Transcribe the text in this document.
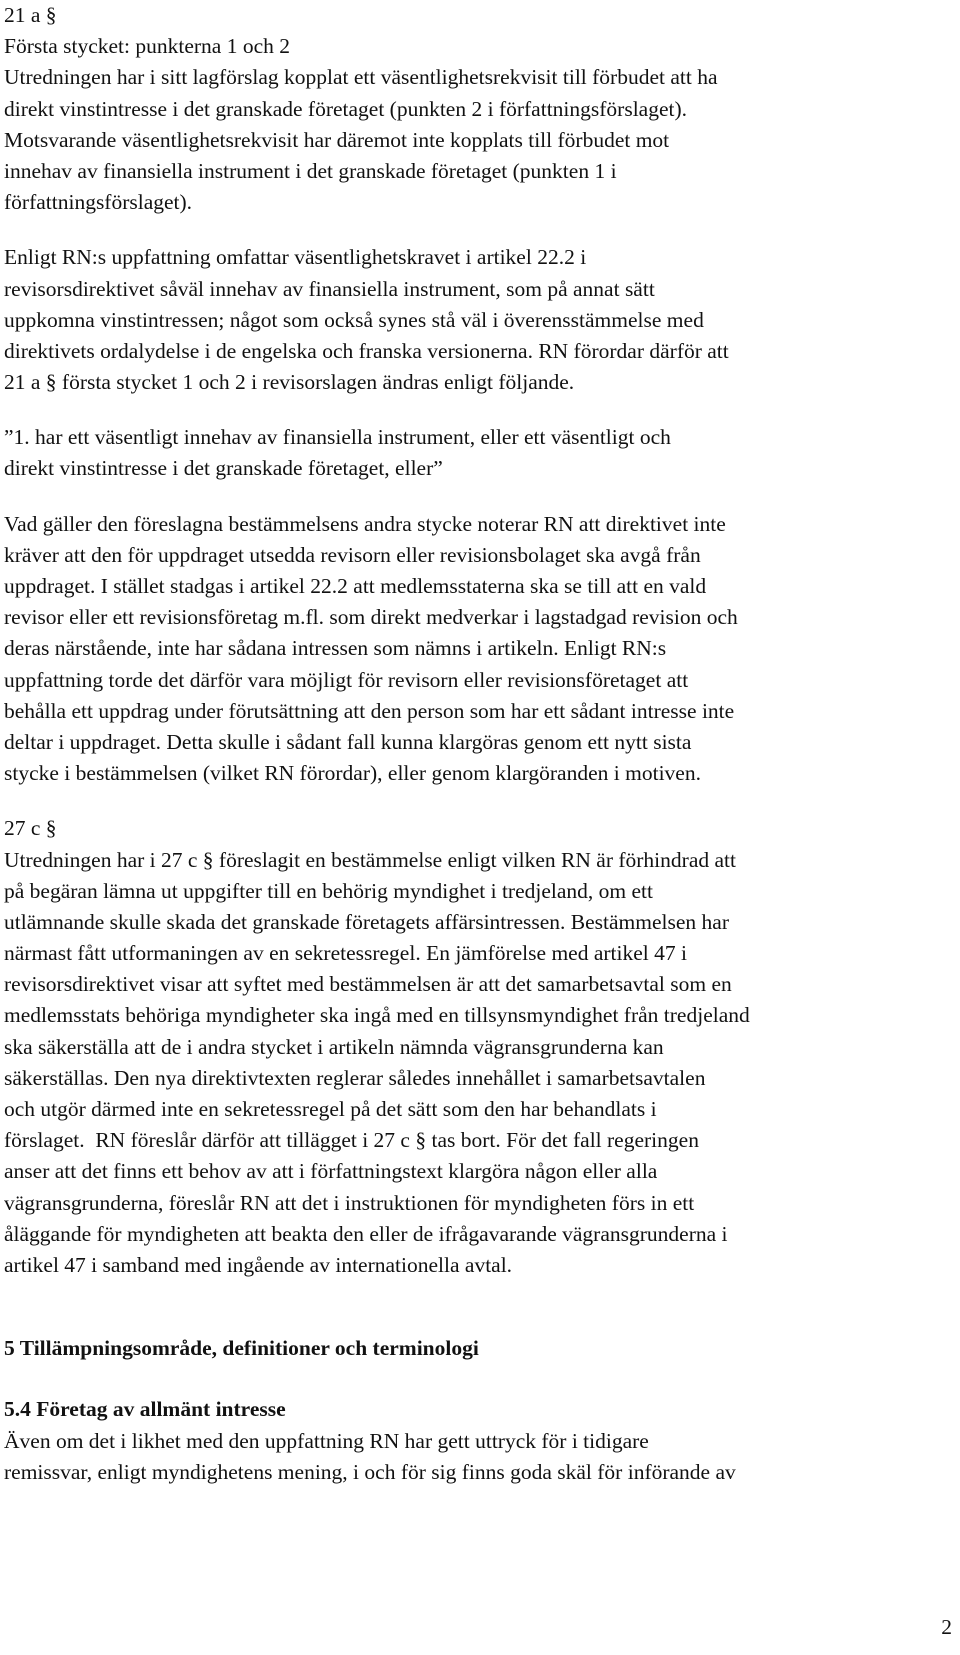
21 a §
Första stycket: punkterna 1 och 2
Utredningen har i sitt lagförslag kopplat ett väsentlighetsrekvisit till förbudet att ha
direkt vinstintresse i det granskade företaget (punkten 2 i författningsförslaget).
Motsvarande väsentlighetsrekvisit har däremot inte kopplats till förbudet mot
innehav av finansiella instrument i det granskade företaget (punkten 1 i
författningsförslaget).
Enligt RN:s uppfattning omfattar väsentlighetskravet i artikel 22.2 i
revisorsdirektivet såväl innehav av finansiella instrument, som på annat sätt
uppkomna vinstintressen; något som också synes stå väl i överensstämmelse med
direktivets ordalydelse i de engelska och franska versionerna. RN förordar därför att
21 a § första stycket 1 och 2 i revisorslagen ändras enligt följande.
”1. har ett väsentligt innehav av finansiella instrument, eller ett väsentligt och
direkt vinstintresse i det granskade företaget, eller”
Vad gäller den föreslagna bestämmelsens andra stycke noterar RN att direktivet inte
kräver att den för uppdraget utsedda revisorn eller revisionsbolaget ska avgå från
uppdraget. I stället stadgas i artikel 22.2 att medlemsstaterna ska se till att en vald
revisor eller ett revisionsföretag m.fl. som direkt medverkar i lagstadgad revision och
deras närstående, inte har sådana intressen som nämns i artikeln. Enligt RN:s
uppfattning torde det därför vara möjligt för revisorn eller revisionsföretaget att
behålla ett uppdrag under förutsättning att den person som har ett sådant intresse inte
deltar i uppdraget. Detta skulle i sådant fall kunna klargöras genom ett nytt sista
stycke i bestämmelsen (vilket RN förordar), eller genom klargöranden i motiven.
27 c §
Utredningen har i 27 c § föreslagit en bestämmelse enligt vilken RN är förhindrad att
på begäran lämna ut uppgifter till en behörig myndighet i tredjeland, om ett
utlämnande skulle skada det granskade företagets affärsintressen. Bestämmelsen har
närmast fått utformaningen av en sekretessregel. En jämförelse med artikel 47 i
revisorsdirektivet visar att syftet med bestämmelsen är att det samarbetsavtal som en
medlemsstats behöriga myndigheter ska ingå med en tillsynsmyndighet från tredjeland
ska säkerställa att de i andra stycket i artikeln nämnda vägransgrunderna kan
säkerställas. Den nya direktivtexten reglerar således innehållet i samarbetsavtalen
och utgör därmed inte en sekretessregel på det sätt som den har behandlats i
förslaget.  RN föreslår därför att tillägget i 27 c § tas bort. För det fall regeringen
anser att det finns ett behov av att i författningstext klargöra någon eller alla
vägransgrunderna, föreslår RN att det i instruktionen för myndigheten förs in ett
åläggande för myndigheten att beakta den eller de ifrågavarande vägransgrunderna i
artikel 47 i samband med ingående av internationella avtal.
5 Tillämpningsområde, definitioner och terminologi
5.4 Företag av allmänt intresse
Även om det i likhet med den uppfattning RN har gett uttryck för i tidigare
remissvar, enligt myndighetens mening, i och för sig finns goda skäl för införande av
2
